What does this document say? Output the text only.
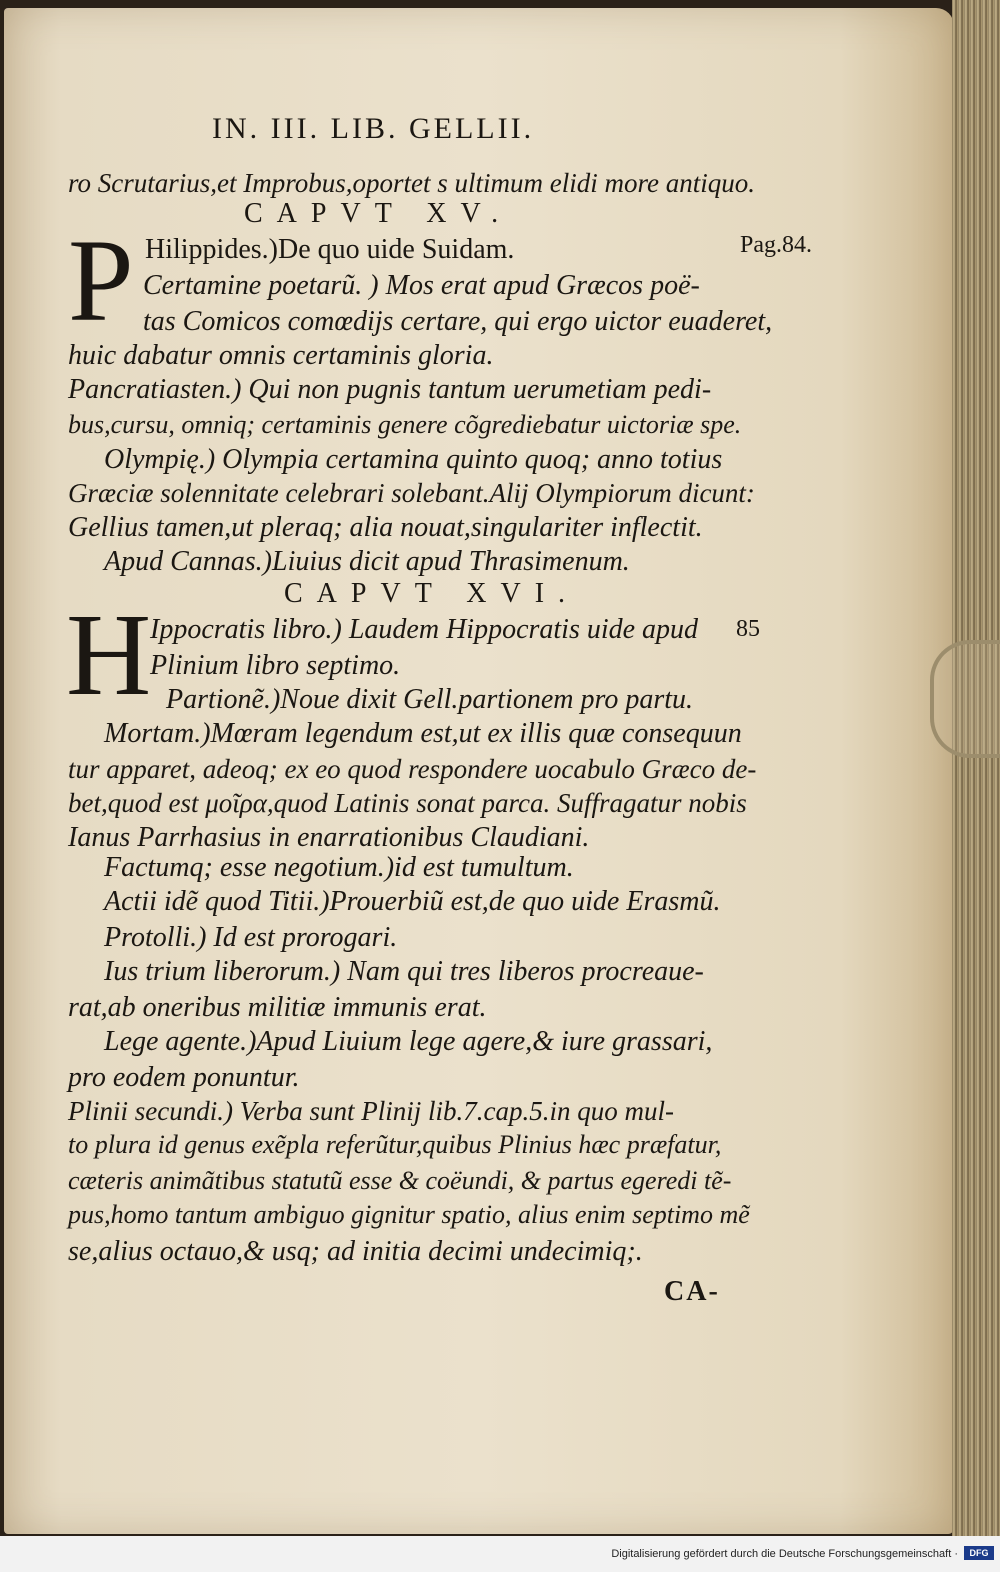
IN. III. LIB. GELLII.
ro Scrutarius,et Improbus,oportet s ultimum elidi more antiquo.
CAPVT XV.
P Hilippides.)De quo uide Suidam.	Pag.84.
Certamine poetarũ. ) Mos erat apud Græcos poë-
tas Comicos comœdijs certare, qui ergo uictor euaderet,
huic dabatur omnis certaminis gloria.
Pancratiasten.) Qui non pugnis tantum uerumetiam pedi-
bus,cursu, omniq; certaminis genere cõgrediebatur uictoriæ spe.
Olympię.) Olympia certamina quinto quoq; anno totius
Græciæ solennitate celebrari solebant.Alij Olympiorum dicunt:
Gellius tamen,ut pleraq; alia nouat,singulariter inflectit.
Apud Cannas.)Liuius dicit apud Thrasimenum.
CAPVT XVI.
H
Ippocratis libro.) Laudem Hippocratis uide apud 85
Plinium libro septimo.
Partionẽ.)Noue dixit Gell.partionem pro partu.
Mortam.)Mœram legendum est,ut ex illis quæ consequun
tur apparet, adeoq; ex eo quod respondere uocabulo Græco de-
bet,quod est μοῖρα,quod Latinis sonat parca. Suffragatur nobis
Ianus Parrhasius in enarrationibus Claudiani.
Factumq; esse negotium.)id est tumultum.
Actii idẽ quod Titii.)Prouerbiũ est,de quo uide Erasmũ.
Protolli.) Id est prorogari.
Ius trium liberorum.) Nam qui tres liberos procreaue-
rat,ab oneribus militiæ immunis erat.
Lege agente.)Apud Liuium lege agere,& iure grassari,
pro eodem ponuntur.
Plinii secundi.) Verba sunt Plinij lib.7.cap.5.in quo mul-
to plura id genus exẽpla referũtur,quibus Plinius hæc præfatur,
cæteris animãtibus statutũ esse & coëundi, & partus egeredi tẽ-
pus,homo tantum ambiguo gignitur spatio, alius enim septimo mẽ
se,alius octauo,& usq; ad initia decimi undecimiq;.
CA-
Digitalisierung gefördert durch die Deutsche Forschungsgemeinschaft ·	DFG
